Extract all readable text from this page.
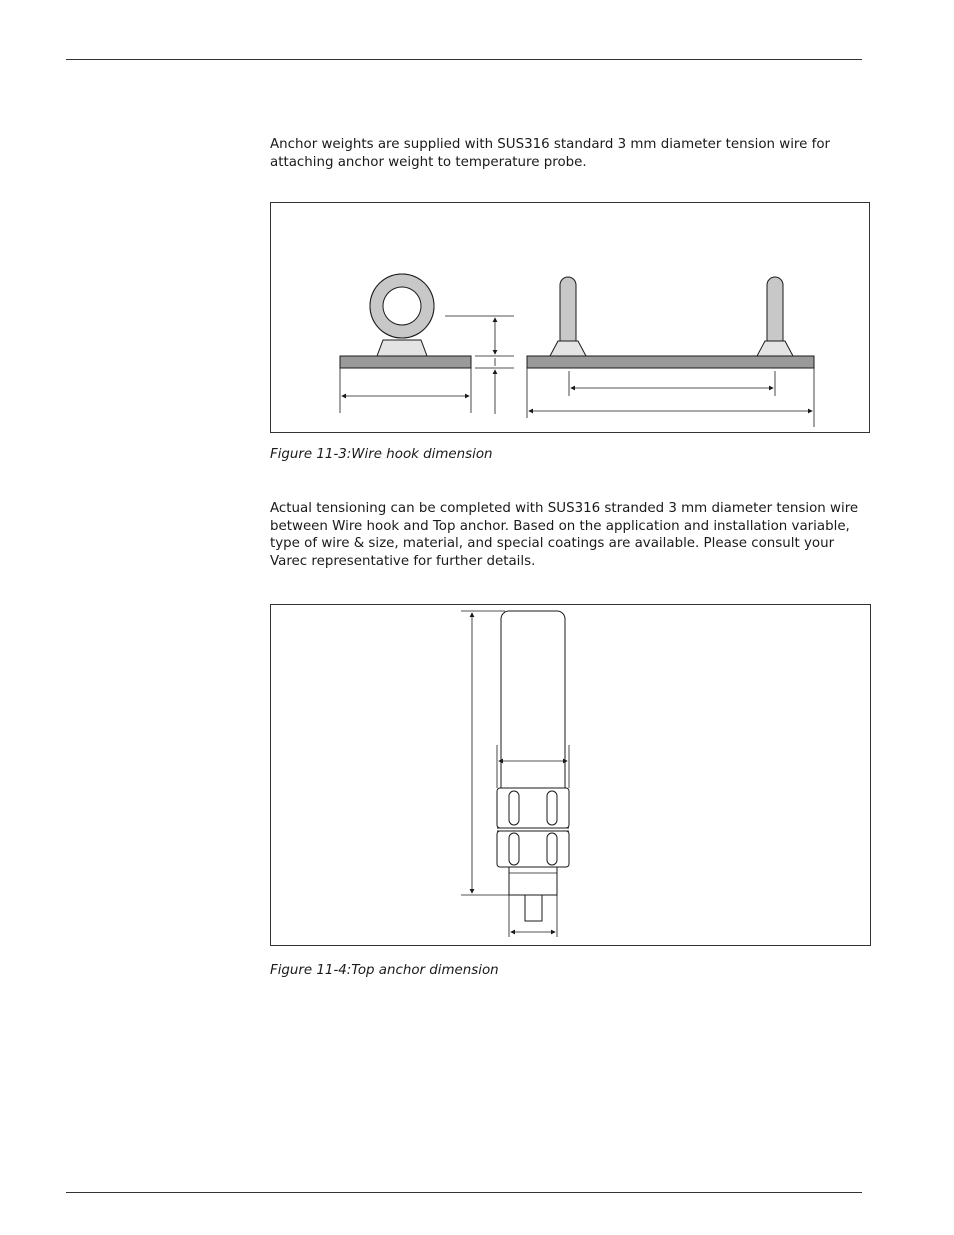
Anchor weights are supplied with SUS316 standard 3 mm diameter tension wire for attaching anchor weight to temperature probe.

Figure 11-3:Wire hook dimension

Actual tensioning can be completed with SUS316 stranded 3 mm diameter tension wire between Wire hook and Top anchor. Based on the application and installation variable, type of wire & size, material, and special coatings are available. Please consult your Varec representative for further details.

Figure 11-4:Top anchor dimension
